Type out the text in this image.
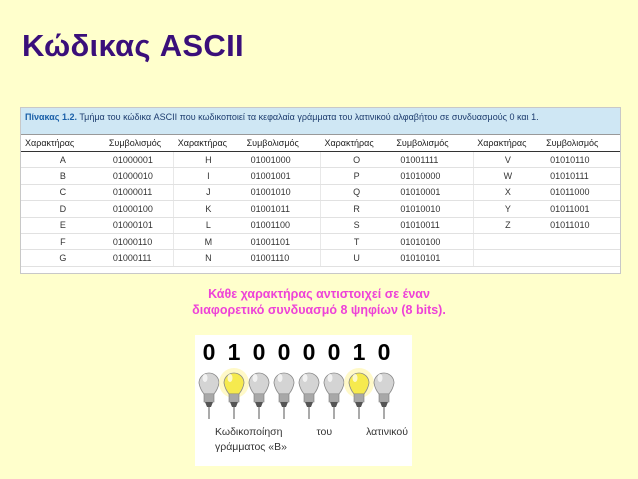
Κώδικας ASCII
Πίνακας 1.2. Τμήμα του κώδικα ASCII που κωδικοποιεί τα κεφαλαία γράμματα του λατινικού αλφαβήτου σε συνδυασμούς 0 και 1.
Χαρακτήρας	Συμβολισμός	Χαρακτήρας	Συμβολισμός	Χαρακτήρας	Συμβολισμός	Χαρακτήρας	Συμβολισμός
A	01000001	H	01001000	O	01001111	V	01010110
B	01000010	I	01001001	P	01010000	W	01010111
C	01000011	J	01001010	Q	01010001	X	01011000
D	01000100	K	01001011	R	01010010	Y	01011001
E	01000101	L	01001100	S	01010011	Z	01011010
F	01000110	M	01001101	T	01010100		
G	01000111	N	01001110	U	01010101		
Κάθε χαρακτήρας αντιστοιχεί σε έναν
διαφορετικό συνδυασμό 8 ψηφίων (8 bits).
0 1 0 0 0 0 1 0
Κωδικοποίηση	του	λατινικού
γράμματος «B»
